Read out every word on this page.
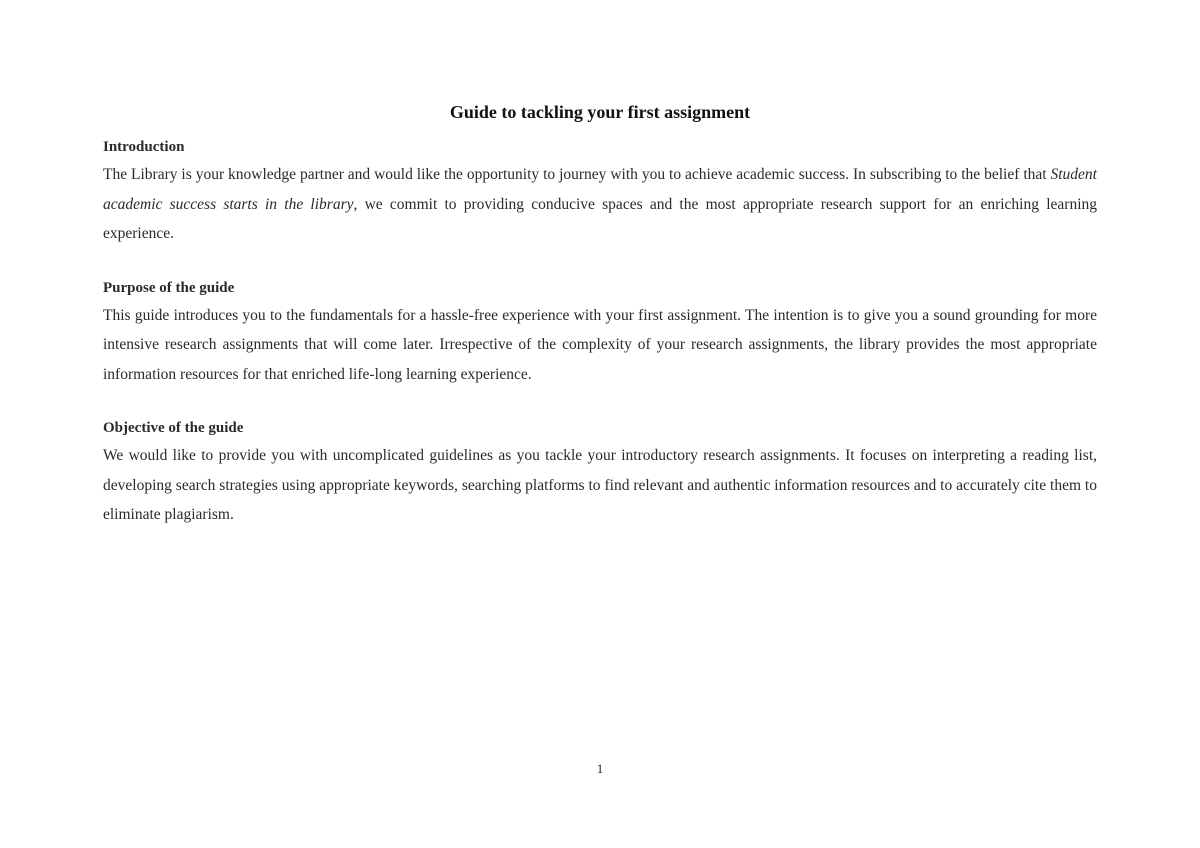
Guide to tackling your first assignment

Introduction

The Library is your knowledge partner and would like the opportunity to journey with you to achieve academic success. In subscribing to the belief that Student academic success starts in the library, we commit to providing conducive spaces and the most appropriate research support for an enriching learning experience.

Purpose of the guide

This guide introduces you to the fundamentals for a hassle-free experience with your first assignment. The intention is to give you a sound grounding for more intensive research assignments that will come later. Irrespective of the complexity of your research assignments, the library provides the most appropriate information resources for that enriched life-long learning experience.

Objective of the guide

We would like to provide you with uncomplicated guidelines as you tackle your introductory research assignments. It focuses on interpreting a reading list, developing search strategies using appropriate keywords, searching platforms to find relevant and authentic information resources and to accurately cite them to eliminate plagiarism.

1
